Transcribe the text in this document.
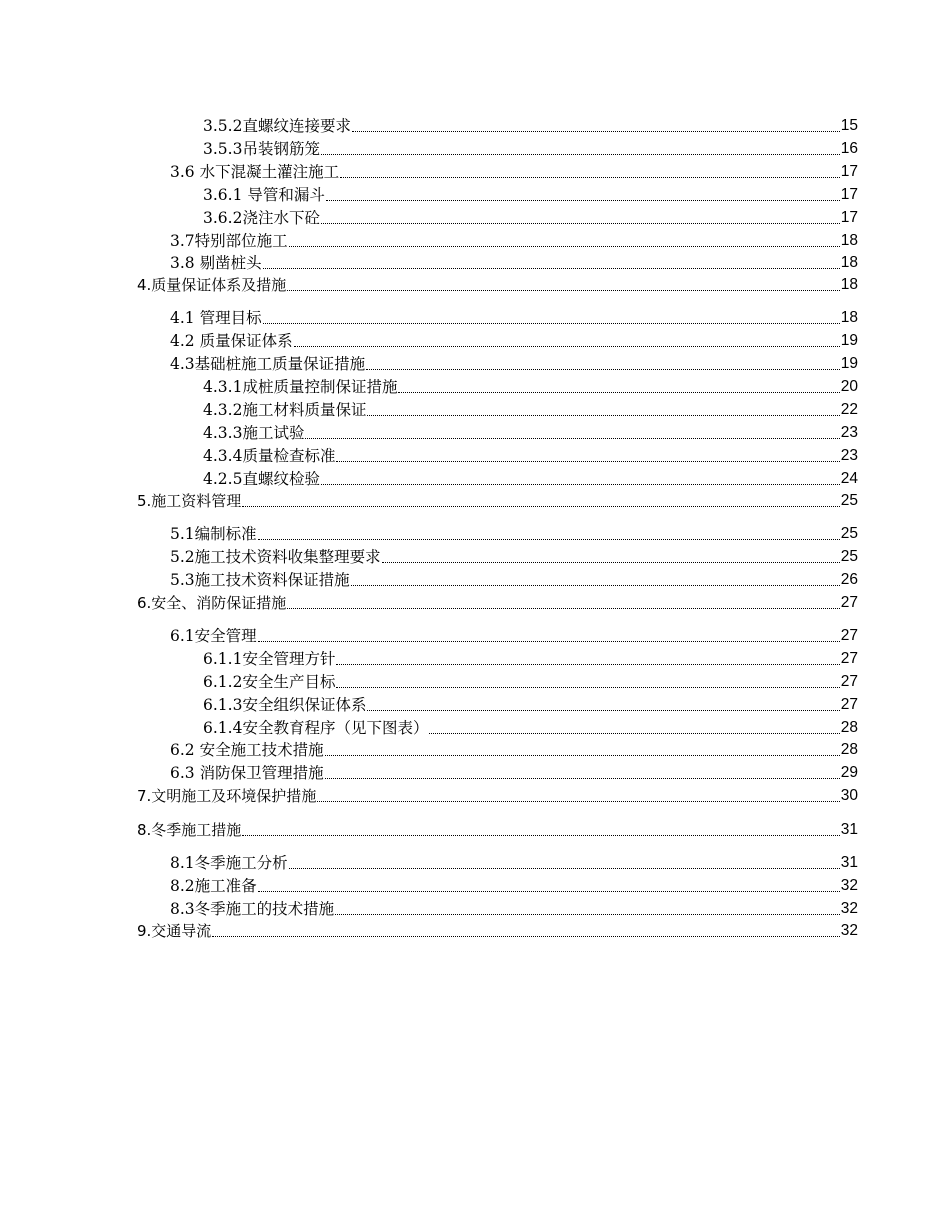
3.5.2直螺纹连接要求	15
3.5.3吊装钢筋笼	16
3.6 水下混凝土灌注施工	17
3.6.1 导管和漏斗	17
3.6.2浇注水下砼	17
3.7特别部位施工	18
3.8 剔凿桩头	18
4.质量保证体系及措施	18
4.1 管理目标	18
4.2 质量保证体系	19
4.3基础桩施工质量保证措施	19
4.3.1成桩质量控制保证措施	20
4.3.2施工材料质量保证	22
4.3.3施工试验	23
4.3.4质量检查标准	23
4.2.5直螺纹检验	24
5.施工资料管理	25
5.1编制标准	25
5.2施工技术资料收集整理要求	25
5.3施工技术资料保证措施	26
6.安全、消防保证措施	27
6.1安全管理	27
6.1.1安全管理方针	27
6.1.2安全生产目标	27
6.1.3安全组织保证体系	27
6.1.4安全教育程序（见下图表）	28
6.2 安全施工技术措施	28
6.3 消防保卫管理措施	29
7.文明施工及环境保护措施	30
8.冬季施工措施	31
8.1冬季施工分析	31
8.2施工准备	32
8.3冬季施工的技术措施	32
9.交通导流	32
